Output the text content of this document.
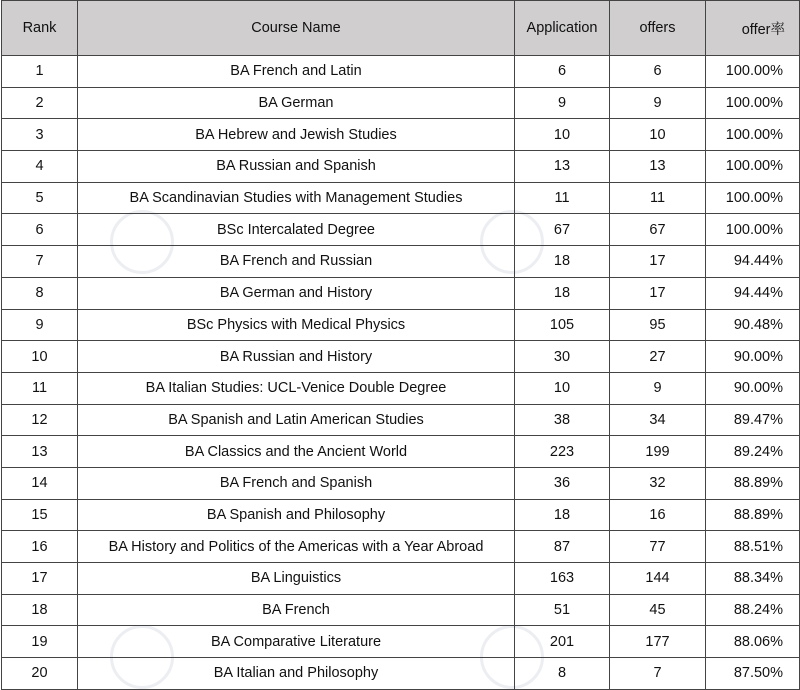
Rank	Course Name	Application	offers	offer率
1	BA French and Latin	6	6	100.00%
2	BA German	9	9	100.00%
3	BA Hebrew and Jewish Studies	10	10	100.00%
4	BA Russian and Spanish	13	13	100.00%
5	BA Scandinavian Studies with Management Studies	11	11	100.00%
6	BSc Intercalated Degree	67	67	100.00%
7	BA French and Russian	18	17	94.44%
8	BA German and History	18	17	94.44%
9	BSc Physics with Medical Physics	105	95	90.48%
10	BA Russian and History	30	27	90.00%
11	BA Italian Studies: UCL-Venice Double Degree	10	9	90.00%
12	BA Spanish and Latin American Studies	38	34	89.47%
13	BA Classics and the Ancient World	223	199	89.24%
14	BA French and Spanish	36	32	88.89%
15	BA Spanish and Philosophy	18	16	88.89%
16	BA History and Politics of the Americas with a Year Abroad	87	77	88.51%
17	BA Linguistics	163	144	88.34%
18	BA French	51	45	88.24%
19	BA Comparative Literature	201	177	88.06%
20	BA Italian and Philosophy	8	7	87.50%
